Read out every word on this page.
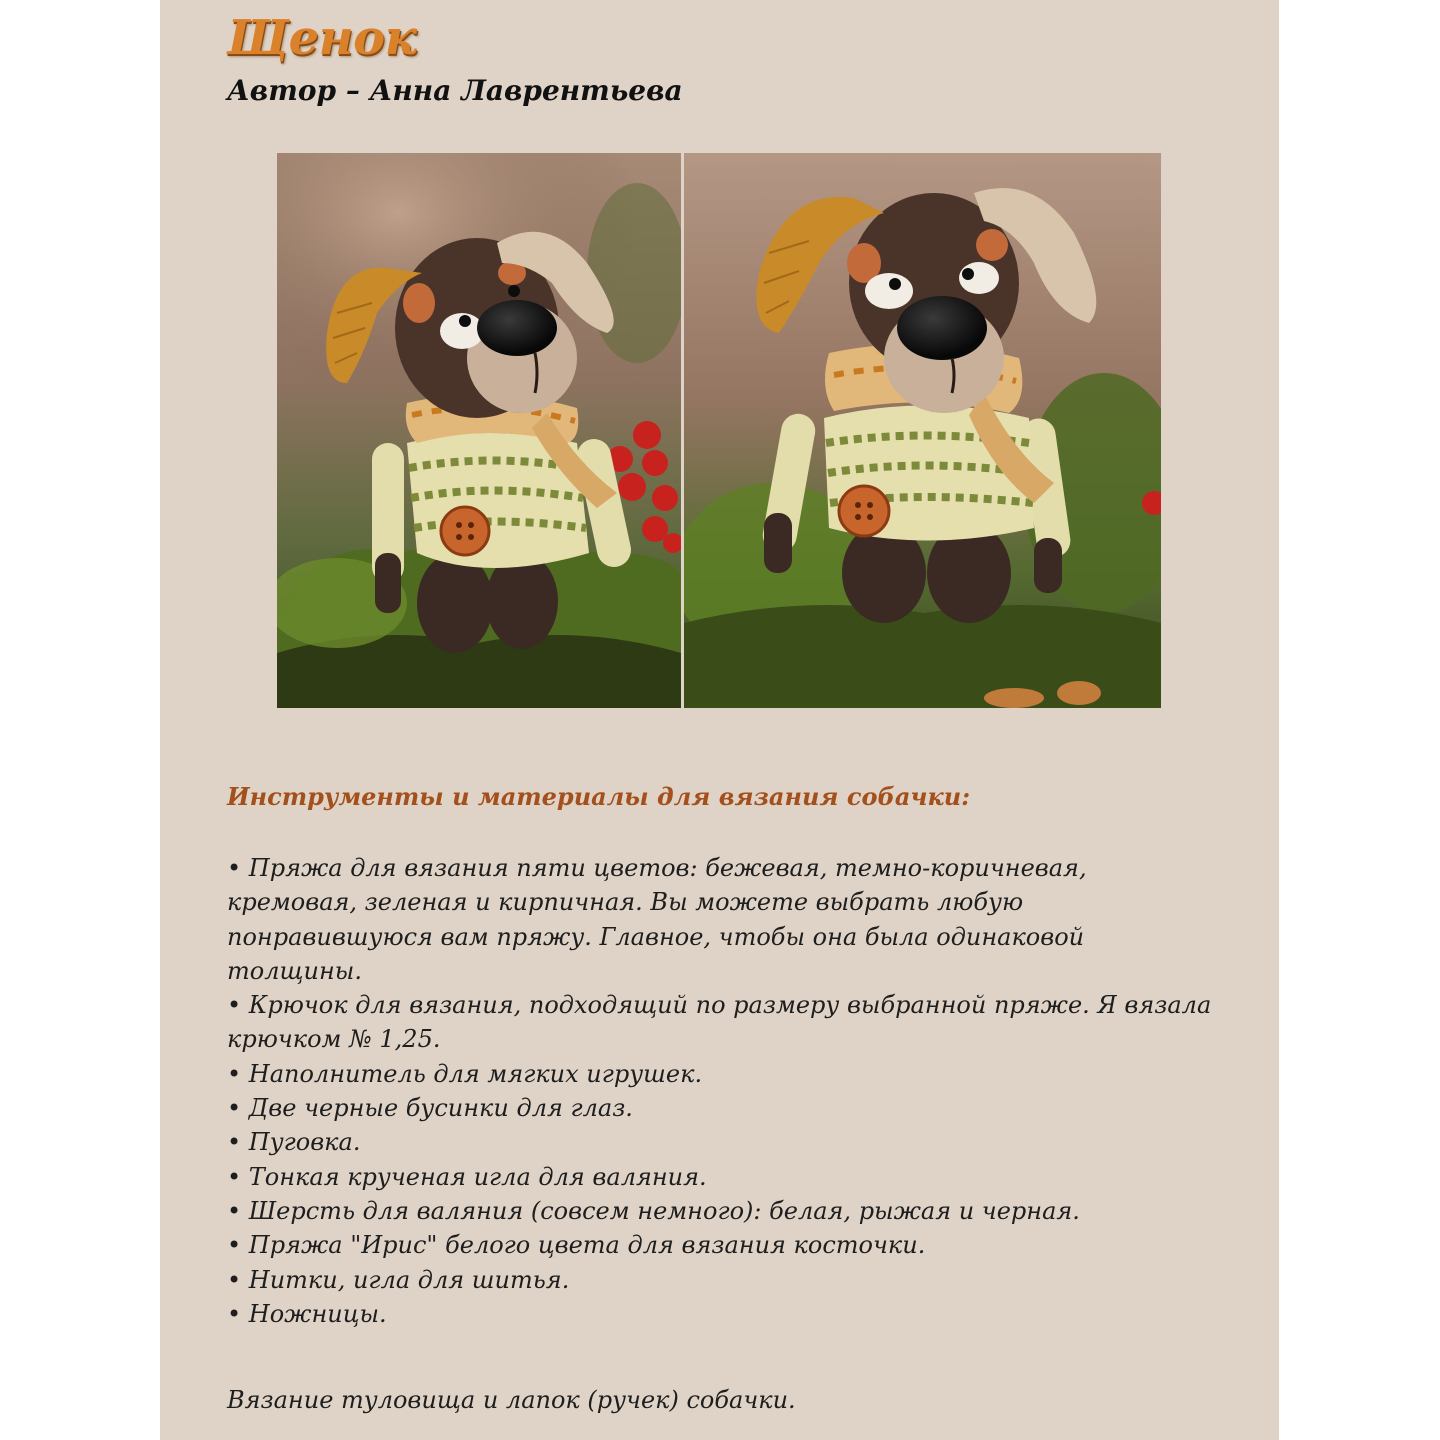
Щенок
Автор – Анна Лаврентьева
Инструменты и материалы для вязания собачки:

• Пряжа для вязания пяти цветов: бежевая, темно-коричневая, кремовая, зеленая и кирпичная. Вы можете выбрать любую понравившуюся вам пряжу. Главное, чтобы она была одинаковой толщины.

• Крючок для вязания, подходящий по размеру выбранной пряже. Я вязала крючком № 1,25.

• Наполнитель для мягких игрушек.

• Две черные бусинки для глаз.

• Пуговка.

• Тонкая крученая игла для валяния.

• Шерсть для валяния (совсем немного): белая, рыжая и черная.

• Пряжа "Ирис" белого цвета для вязания косточки.

• Нитки, игла для шитья.

• Ножницы.

Вязание туловища и лапок (ручек) собачки.
